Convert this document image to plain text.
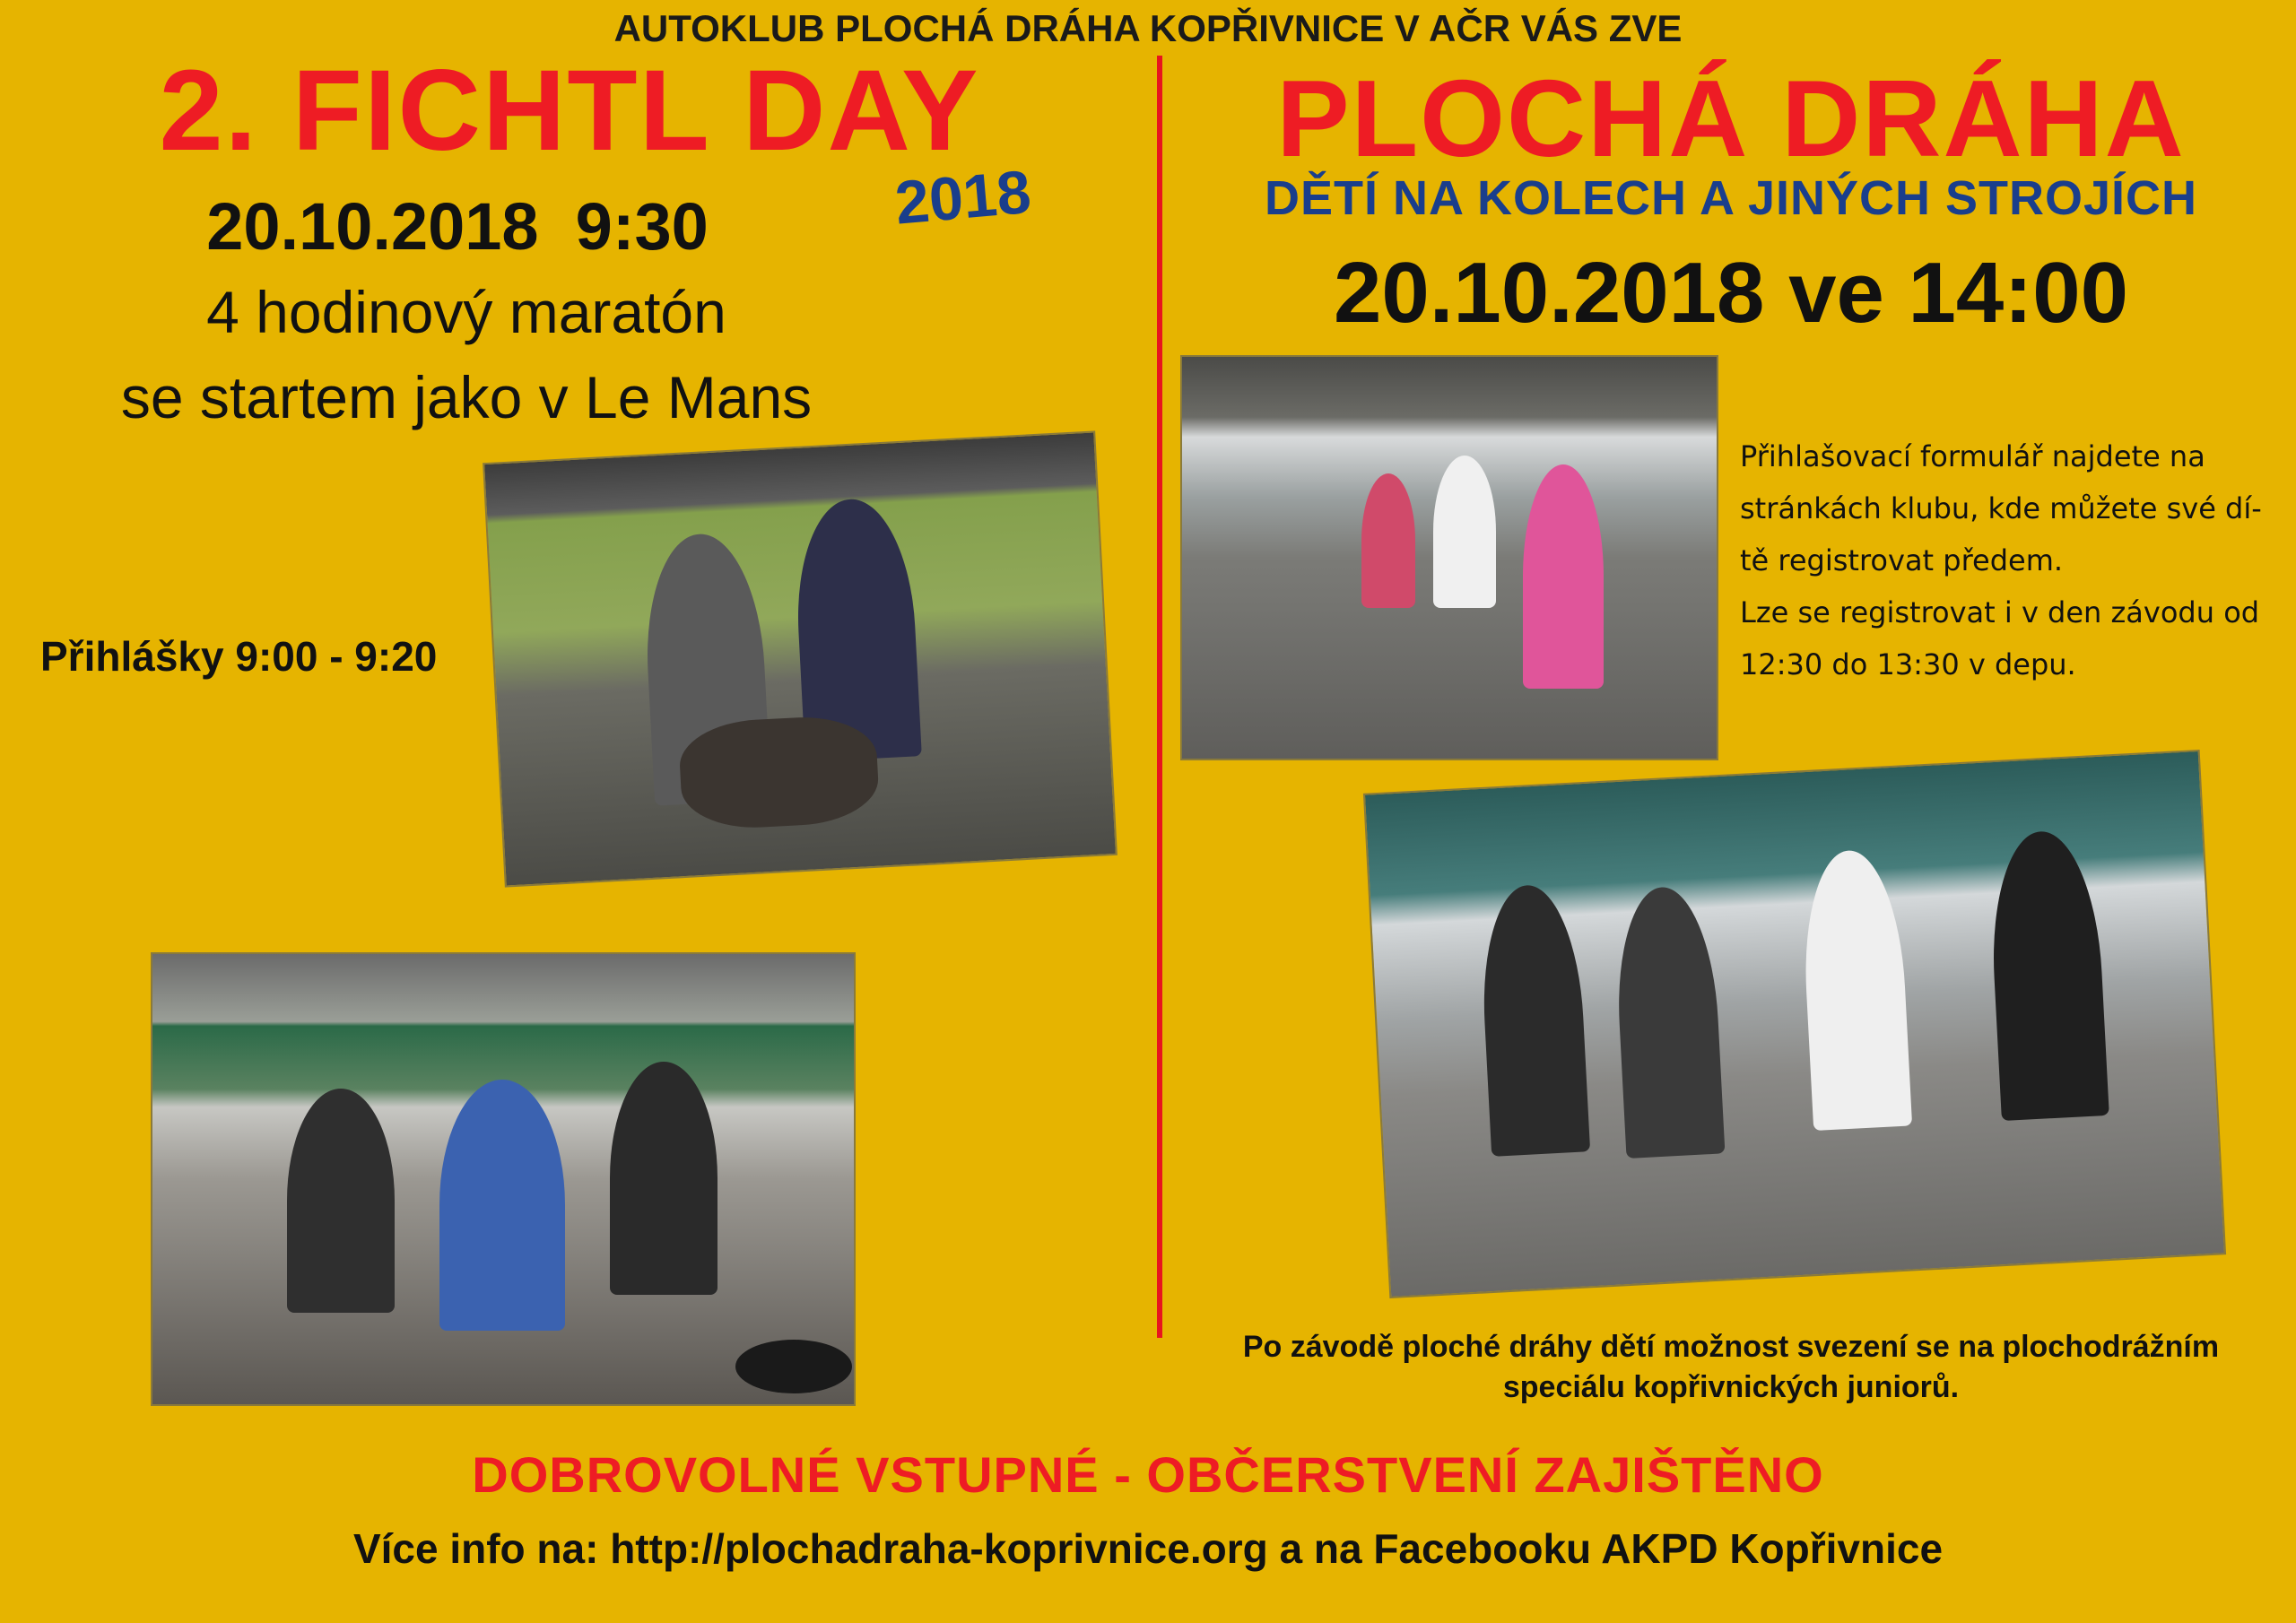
AUTOKLUB PLOCHÁ DRÁHA KOPŘIVNICE V AČR VÁS ZVE
2. FICHTL DAY
2018
20.10.2018  9:30
4 hodinový maratón
se startem jako v Le Mans
Přihlášky 9:00 - 9:20
PLOCHÁ DRÁHA
DĚTÍ NA KOLECH A JINÝCH STROJÍCH
20.10.2018 ve 14:00
Přihlašovací formulář najdete na
stránkách klubu, kde můžete své dí-
tě registrovat předem.
Lze se registrovat i v den závodu od
12:30 do 13:30 v depu.
Po závodě ploché dráhy dětí možnost svezení se na plochodrážním
speciálu kopřivnických juniorů.
DOBROVOLNÉ VSTUPNÉ - OBČERSTVENÍ ZAJIŠTĚNO
Více info na: http://plochadraha-koprivnice.org a na Facebooku AKPD Kopřivnice
